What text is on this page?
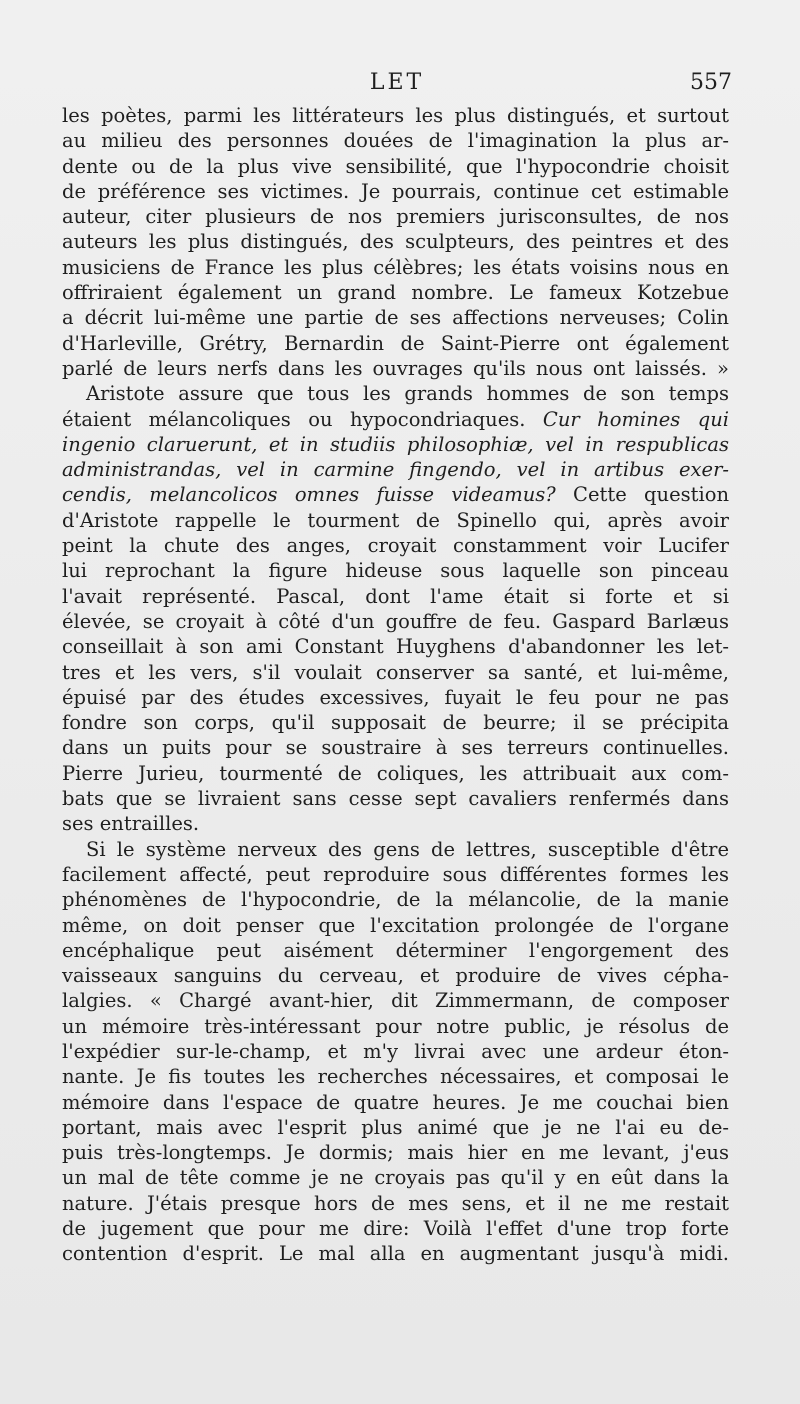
LET	557
les poètes, parmi les littérateurs les plus distingués, et surtout
au milieu des personnes douées de l'imagination la plus ar-
dente ou de la plus vive sensibilité, que l'hypocondrie choisit
de préférence ses victimes. Je pourrais, continue cet estimable
auteur, citer plusieurs de nos premiers jurisconsultes, de nos
auteurs les plus distingués, des sculpteurs, des peintres et des
musiciens de France les plus célèbres; les états voisins nous en
offriraient également un grand nombre. Le fameux Kotzebue
a décrit lui-même une partie de ses affections nerveuses; Colin
d'Harleville, Grétry, Bernardin de Saint-Pierre ont également
parlé de leurs nerfs dans les ouvrages qu'ils nous ont laissés. »
Aristote assure que tous les grands hommes de son temps
étaient mélancoliques ou hypocondriaques. Cur homines qui
ingenio claruerunt, et in studiis philosophiæ, vel in respublicas
administrandas, vel in carmine fingendo, vel in artibus exer-
cendis, melancolicos omnes fuisse videamus? Cette question
d'Aristote rappelle le tourment de Spinello qui, après avoir
peint la chute des anges, croyait constamment voir Lucifer
lui reprochant la figure hideuse sous laquelle son pinceau
l'avait représenté. Pascal, dont l'ame était si forte et si
élevée, se croyait à côté d'un gouffre de feu. Gaspard Barlæus
conseillait à son ami Constant Huyghens d'abandonner les let-
tres et les vers, s'il voulait conserver sa santé, et lui-même,
épuisé par des études excessives, fuyait le feu pour ne pas
fondre son corps, qu'il supposait de beurre; il se précipita
dans un puits pour se soustraire à ses terreurs continuelles.
Pierre Jurieu, tourmenté de coliques, les attribuait aux com-
bats que se livraient sans cesse sept cavaliers renfermés dans
ses entrailles.
Si le système nerveux des gens de lettres, susceptible d'être
facilement affecté, peut reproduire sous différentes formes les
phénomènes de l'hypocondrie, de la mélancolie, de la manie
même, on doit penser que l'excitation prolongée de l'organe
encéphalique peut aisément déterminer l'engorgement des
vaisseaux sanguins du cerveau, et produire de vives cépha-
lalgies. « Chargé avant-hier, dit Zimmermann, de composer
un mémoire très-intéressant pour notre public, je résolus de
l'expédier sur-le-champ, et m'y livrai avec une ardeur éton-
nante. Je fis toutes les recherches nécessaires, et composai le
mémoire dans l'espace de quatre heures. Je me couchai bien
portant, mais avec l'esprit plus animé que je ne l'ai eu de-
puis très-longtemps. Je dormis; mais hier en me levant, j'eus
un mal de tête comme je ne croyais pas qu'il y en eût dans la
nature. J'étais presque hors de mes sens, et il ne me restait
de jugement que pour me dire: Voilà l'effet d'une trop forte
contention d'esprit. Le mal alla en augmentant jusqu'à midi.
